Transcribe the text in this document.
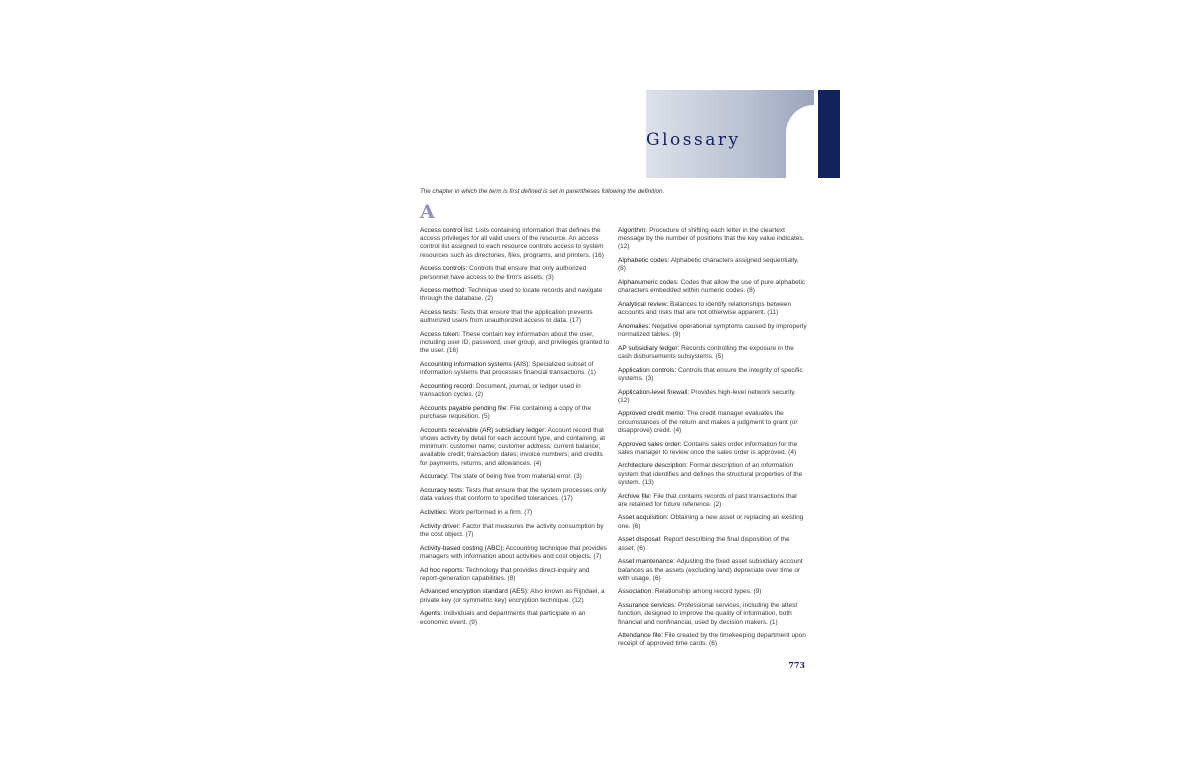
Glossary
The chapter in which the term is first defined is set in parentheses following the definition.
A
Access control list: Lists containing information that defines the access privileges for all valid users of the resource. An access control list assigned to each resource controls access to system resources such as directories, files, programs, and printers. (16)
Access controls: Controls that ensure that only authorized personnel have access to the firm's assets. (3)
Access method: Technique used to locate records and navigate through the database. (2)
Access tests: Tests that ensure that the application prevents authorized users from unauthorized access to data. (17)
Access token: These contain key information about the user, including user ID, password, user group, and privileges granted to the user. (16)
Accounting information systems (AIS): Specialized subset of information systems that processes financial transactions. (1)
Accounting record: Document, journal, or ledger used in transaction cycles. (2)
Accounts payable pending file: File containing a copy of the purchase requisition. (5)
Accounts receivable (AR) subsidiary ledger: Account record that shows activity by detail for each account type, and containing, at minimum: customer name; customer address; current balance; available credit; transaction dates; invoice numbers; and credits for payments, returns, and allowances. (4)
Accuracy: The state of being free from material error. (3)
Accuracy tests: Tests that ensure that the system processes only data values that conform to specified tolerances. (17)
Activities: Work performed in a firm. (7)
Activity driver: Factor that measures the activity consumption by the cost object. (7)
Activity-based costing (ABC): Accounting technique that provides managers with information about activities and cost objects. (7)
Ad hoc reports: Technology that provides direct-inquiry and report-generation capabilities. (8)
Advanced encryption standard (AES): Also known as Rijndael, a private key (or symmetric key) encryption technique. (12)
Agents: Individuals and departments that participate in an economic event. (9)
Algorithm: Procedure of shifting each letter in the cleartext message by the number of positions that the key value indicates. (12)
Alphabetic codes: Alphabetic characters assigned sequentially. (8)
Alphanumeric codes: Codes that allow the use of pure alphabetic characters embedded within numeric codes. (8)
Analytical review: Balances to identify relationships between accounts and risks that are not otherwise apparent. (11)
Anomalies: Negative operational symptoms caused by improperly normalized tables. (9)
AP subsidiary ledger: Records controlling the exposure in the cash disbursements subsystems. (5)
Application controls: Controls that ensure the integrity of specific systems. (3)
Application-level firewall: Provides high-level network security. (12)
Approved credit memo: The credit manager evaluates the circumstances of the return and makes a judgment to grant (or disapprove) credit. (4)
Approved sales order: Contains sales order information for the sales manager to review once the sales order is approved. (4)
Architecture description: Formal description of an information system that identifies and defines the structural properties of the system. (13)
Archive file: File that contains records of past transactions that are retained for future reference. (2)
Asset acquisition: Obtaining a new asset or replacing an existing one. (6)
Asset disposal: Report describing the final disposition of the asset. (6)
Asset maintenance: Adjusting the fixed asset subsidiary account balances as the assets (excluding land) depreciate over time or with usage. (6)
Association: Relationship among record types. (9)
Assurance services: Professional services, including the attest function, designed to improve the quality of information, both financial and nonfinancial, used by decision makers. (1)
Attendance file: File created by the timekeeping department upon receipt of approved time cards. (6)
773
